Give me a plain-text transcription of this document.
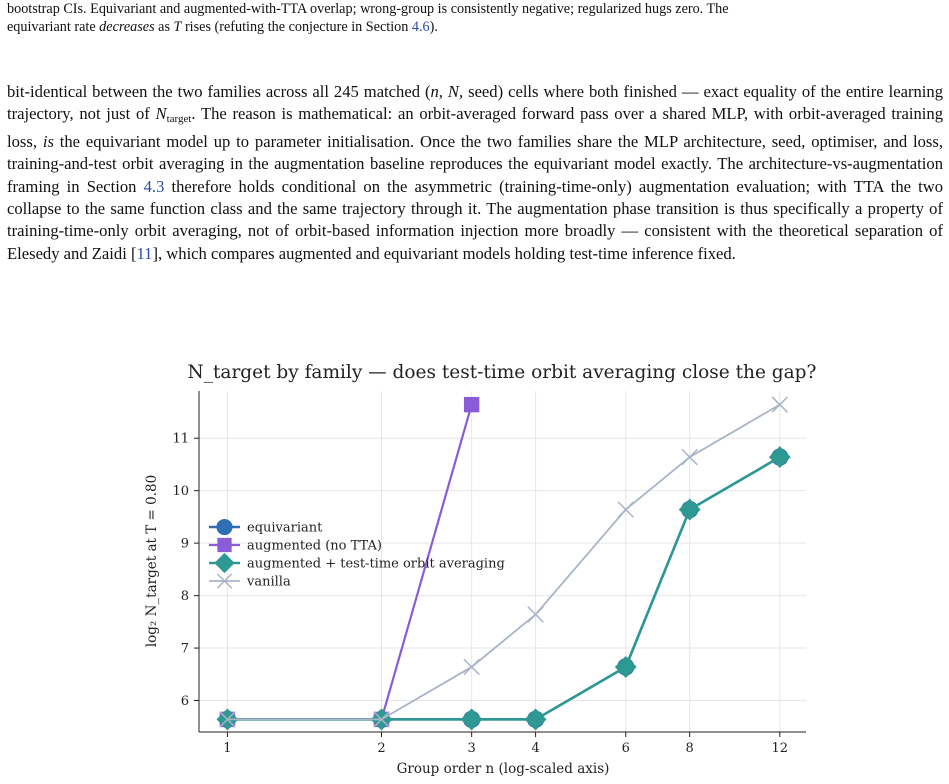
bootstrap CIs. Equivariant and augmented-with-TTA overlap; wrong-group is consistently negative; regularized hugs zero. The

equivariant rate decreases as T rises (refuting the conjecture in Section 4.6).

bit-identical between the two families across all 245 matched (n, N, seed) cells where both finished — exact equality of the entire learning trajectory, not just of $N_{target}$. The reason is mathematical: an orbit-averaged forward pass over a shared MLP, with orbit-averaged training loss, is the equivariant model up to parameter initialisation. Once the two families share the MLP architecture, seed, optimiser, and loss, training-and-test orbit averaging in the augmentation baseline reproduces the equivariant model exactly. The architecture-vs-augmentation framing in Section 4.3 therefore holds conditional on the asymmetric (training-time-only) augmentation evaluation; with TTA the two collapse to the same function class and the same trajectory through it. The augmentation phase transition is thus specifically a property of training-time-only orbit averaging, not of orbit-based information injection more broadly — consistent with the theoretical separation of Elesedy and Zaidi [11], which compares augmented and equivariant models holding test-time inference fixed.

N_target by family — does test-time orbit averaging close the gap?
1	2	3	4	6	8	12
6
7
8
9
10
11
Group order n (log-scaled axis)
log₂ N_target at T = 0.80	equivariant
augmented (no TTA)
augmented + test-time orbit averaging
vanilla
